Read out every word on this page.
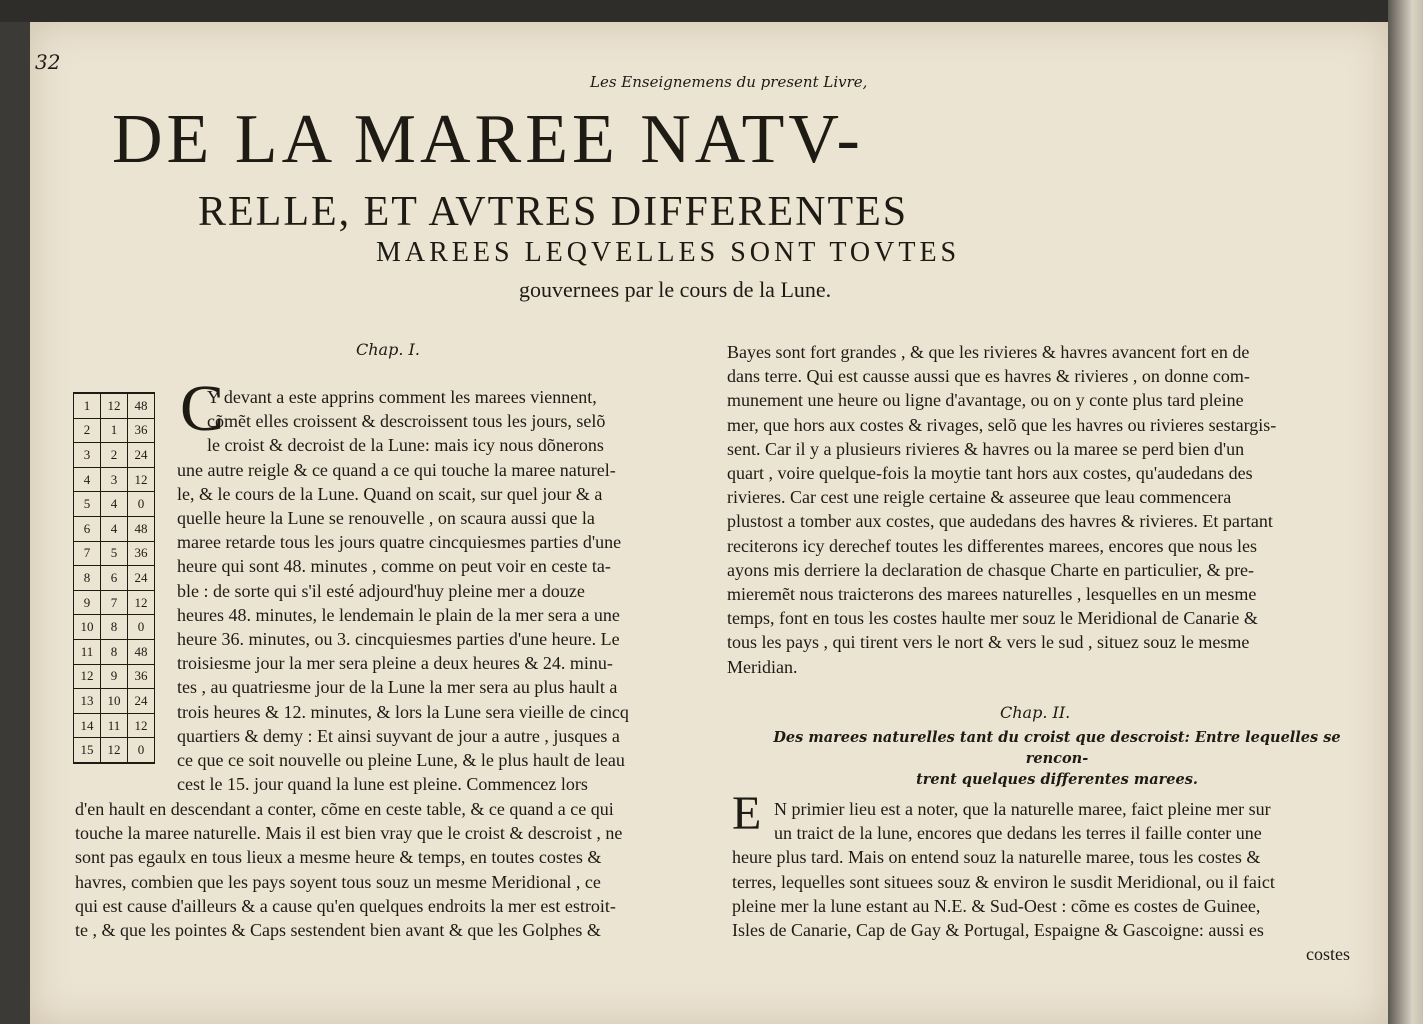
32
Les Enseignemens du present Livre,
DE LA MAREE NATV-
RELLE, ET AVTRES DIFFERENTES
MAREES LEQVELLES SONT TOVTES
gouvernees par le cours de la Lune.
Chap. I.
1	12	48
2	1	36
3	2	24
4	3	12
5	4	0
6	4	48
7	5	36
8	6	24
9	7	12
10	8	0
11	8	48
12	9	36
13	10	24
14	11	12
15	12	0
C
Y devant a este apprins comment les marees viennent,
cõmẽt elles croissent & descroissent tous les jours, selõ
le croist & decroist de la Lune: mais icy nous dõnerons
une autre reigle & ce quand a ce qui touche la maree naturel-
le, & le cours de la Lune. Quand on scait, sur quel jour & a
quelle heure la Lune se renouvelle , on scaura aussi que la
maree retarde tous les jours quatre cincquiesmes parties d'une
heure qui sont 48. minutes , comme on peut voir en ceste ta-
ble : de sorte qui s'il esté adjourd'huy pleine mer a douze
heures 48. minutes, le lendemain le plain de la mer sera a une
heure 36. minutes, ou 3. cincquiesmes parties d'une heure. Le
troisiesme jour la mer sera pleine a deux heures & 24. minu-
tes , au quatriesme jour de la Lune la mer sera au plus hault a
trois heures & 12. minutes, & lors la Lune sera vieille de cincq
quartiers & demy : Et ainsi suyvant de jour a autre , jusques a
ce que ce soit nouvelle ou pleine Lune, & le plus hault de leau
cest le 15. jour quand la lune est pleine. Commencez lors
d'en hault en descendant a conter, cõme en ceste table, & ce quand a ce qui
touche la maree naturelle. Mais il est bien vray que le croist & descroist , ne
sont pas egaulx en tous lieux a mesme heure & temps, en toutes costes &
havres, combien que les pays soyent tous souz un mesme Meridional , ce
qui est cause d'ailleurs & a cause qu'en quelques endroits la mer est estroit-
te , & que les pointes & Caps sestendent bien avant & que les Golphes &
Bayes sont fort grandes , & que les rivieres & havres avancent fort en de
dans terre. Qui est causse aussi que es havres & rivieres , on donne com-
munement une heure ou ligne d'avantage, ou on y conte plus tard pleine
mer, que hors aux costes & rivages, selõ que les havres ou rivieres sestargis-
sent. Car il y a plusieurs rivieres & havres ou la maree se perd bien d'un
quart , voire quelque-fois la moytie tant hors aux costes, qu'audedans des
rivieres. Car cest une reigle certaine & asseuree que leau commencera
plustost a tomber aux costes, que audedans des havres & rivieres. Et partant
reciterons icy derechef toutes les differentes marees, encores que nous les
ayons mis derriere la declaration de chasque Charte en particulier, & pre-
mieremẽt nous traicterons des marees naturelles , lesquelles en un mesme
temps, font en tous les costes haulte mer souz le Meridional de Canarie &
tous les pays , qui tirent vers le nort & vers le sud , situez souz le mesme
Meridian.
Chap. II.
Des marees naturelles tant du croist que descroist: Entre lequelles se rencon-
trent quelques differentes marees.
E N primier lieu est a noter, que la naturelle maree, faict pleine mer sur
un traict de la lune, encores que dedans les terres il faille conter une
heure plus tard. Mais on entend souz la naturelle maree, tous les costes &
terres, lequelles sont situees souz & environ le susdit Meridional, ou il faict
pleine mer la lune estant au N.E. & Sud-Oest : cõme es costes de Guinee,
Isles de Canarie, Cap de Gay & Portugal, Espaigne & Gascoigne: aussi es
costes
